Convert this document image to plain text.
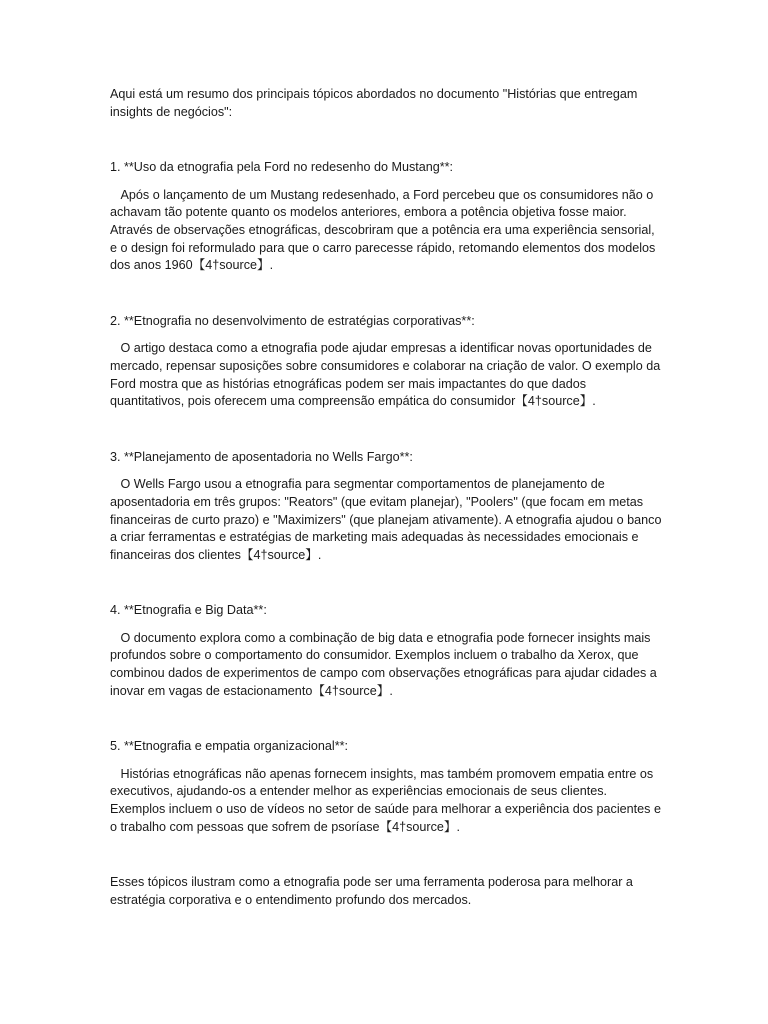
Aqui está um resumo dos principais tópicos abordados no documento "Histórias que entregam insights de negócios":

1. **Uso da etnografia pela Ford no redesenho do Mustang**:

Após o lançamento de um Mustang redesenhado, a Ford percebeu que os consumidores não o achavam tão potente quanto os modelos anteriores, embora a potência objetiva fosse maior. Através de observações etnográficas, descobriram que a potência era uma experiência sensorial, e o design foi reformulado para que o carro parecesse rápido, retomando elementos dos modelos dos anos 1960【4†source】.

2. **Etnografia no desenvolvimento de estratégias corporativas**:

O artigo destaca como a etnografia pode ajudar empresas a identificar novas oportunidades de mercado, repensar suposições sobre consumidores e colaborar na criação de valor. O exemplo da Ford mostra que as histórias etnográficas podem ser mais impactantes do que dados quantitativos, pois oferecem uma compreensão empática do consumidor【4†source】.

3. **Planejamento de aposentadoria no Wells Fargo**:

O Wells Fargo usou a etnografia para segmentar comportamentos de planejamento de aposentadoria em três grupos: "Reators" (que evitam planejar), "Poolers" (que focam em metas financeiras de curto prazo) e "Maximizers" (que planejam ativamente). A etnografia ajudou o banco a criar ferramentas e estratégias de marketing mais adequadas às necessidades emocionais e financeiras dos clientes【4†source】.

4. **Etnografia e Big Data**:

O documento explora como a combinação de big data e etnografia pode fornecer insights mais profundos sobre o comportamento do consumidor. Exemplos incluem o trabalho da Xerox, que combinou dados de experimentos de campo com observações etnográficas para ajudar cidades a inovar em vagas de estacionamento【4†source】.

5. **Etnografia e empatia organizacional**:

Histórias etnográficas não apenas fornecem insights, mas também promovem empatia entre os executivos, ajudando-os a entender melhor as experiências emocionais de seus clientes. Exemplos incluem o uso de vídeos no setor de saúde para melhorar a experiência dos pacientes e o trabalho com pessoas que sofrem de psoríase【4†source】.

Esses tópicos ilustram como a etnografia pode ser uma ferramenta poderosa para melhorar a estratégia corporativa e o entendimento profundo dos mercados.
